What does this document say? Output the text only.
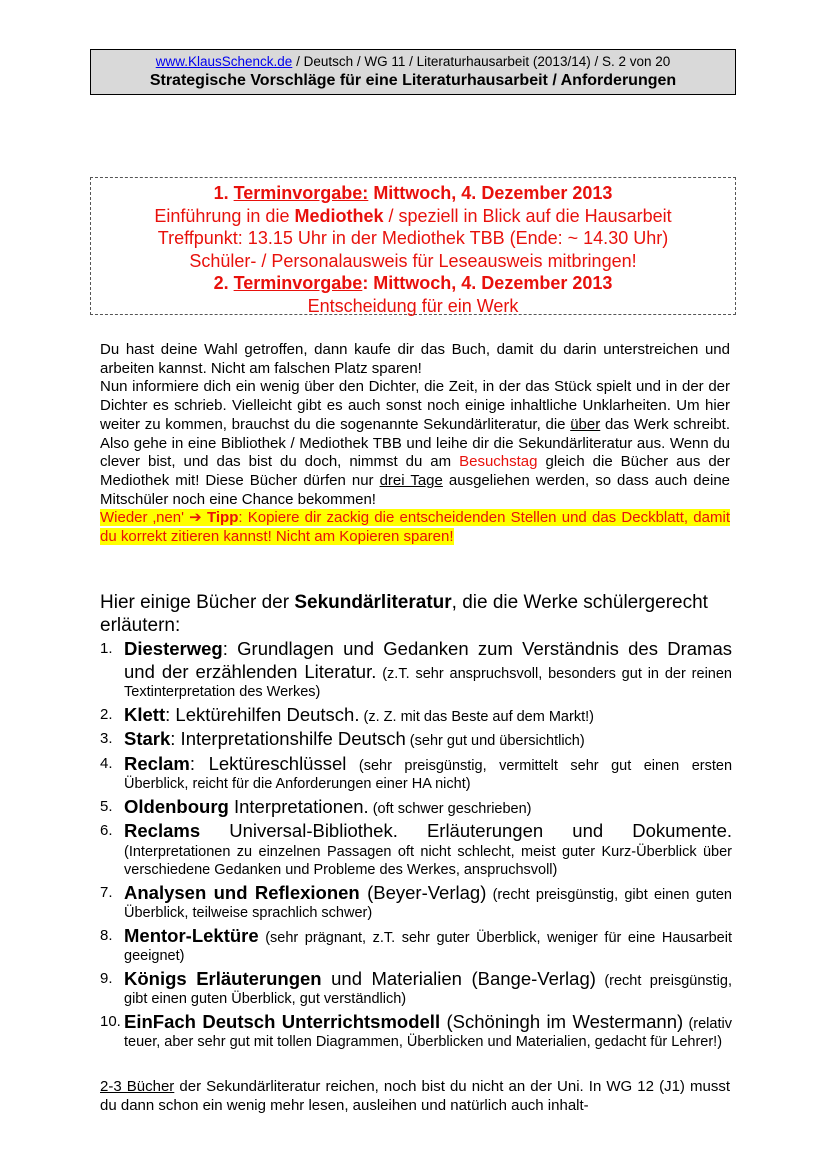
www.KlausSchenck.de / Deutsch / WG 11 / Literaturhausarbeit (2013/14) / S. 2 von 20
Strategische Vorschläge für eine Literaturhausarbeit / Anforderungen
1. Terminvorgabe: Mittwoch, 4. Dezember 2013
Einführung in die Mediothek / speziell in Blick auf die Hausarbeit
Treffpunkt: 13.15 Uhr in der Mediothek TBB (Ende: ~ 14.30 Uhr)
Schüler- / Personalausweis für Leseausweis mitbringen!
2. Terminvorgabe: Mittwoch, 4. Dezember 2013
Entscheidung für ein Werk
Du hast deine Wahl getroffen, dann kaufe dir das Buch, damit du darin unterstreichen und arbeiten kannst. Nicht am falschen Platz sparen!
Nun informiere dich ein wenig über den Dichter, die Zeit, in der das Stück spielt und in der der Dichter es schrieb. Vielleicht gibt es auch sonst noch einige inhaltliche Unklarheiten. Um hier weiter zu kommen, brauchst du die sogenannte Sekundärliteratur, die über das Werk schreibt. Also gehe in eine Bibliothek / Mediothek TBB und leihe dir die Sekundärliteratur aus. Wenn du clever bist, und das bist du doch, nimmst du am Besuchstag gleich die Bücher aus der Mediothek mit! Diese Bücher dürfen nur drei Tage ausgeliehen werden, so dass auch deine Mitschüler noch eine Chance bekommen!
Wieder ‚nen' ➔ Tipp: Kopiere dir zackig die entscheidenden Stellen und das Deckblatt, damit du korrekt zitieren kannst! Nicht am Kopieren sparen!
Hier einige Bücher der Sekundärliteratur, die die Werke schülergerecht erläutern:
1. Diesterweg: Grundlagen und Gedanken zum Verständnis des Dramas und der erzählenden Literatur. (z.T. sehr anspruchsvoll, besonders gut in der reinen Textinterpretation des Werkes)
2. Klett: Lektürehilfen Deutsch. (z. Z. mit das Beste auf dem Markt!)
3. Stark: Interpretationshilfe Deutsch (sehr gut und übersichtlich)
4. Reclam: Lektüreschlüssel (sehr preisgünstig, vermittelt sehr gut einen ersten Überblick, reicht für die Anforderungen einer HA nicht)
5. Oldenbourg Interpretationen. (oft schwer geschrieben)
6. Reclams Universal-Bibliothek. Erläuterungen und Dokumente. (Interpretationen zu einzelnen Passagen oft nicht schlecht, meist guter Kurz-Überblick über verschiedene Gedanken und Probleme des Werkes, anspruchsvoll)
7. Analysen und Reflexionen (Beyer-Verlag) (recht preisgünstig, gibt einen guten Überblick, teilweise sprachlich schwer)
8. Mentor-Lektüre (sehr prägnant, z.T. sehr guter Überblick, weniger für eine Hausarbeit geeignet)
9. Königs Erläuterungen und Materialien (Bange-Verlag) (recht preisgünstig, gibt einen guten Überblick, gut verständlich)
10. EinFach Deutsch Unterrichtsmodell (Schöningh im Westermann) (relativ teuer, aber sehr gut mit tollen Diagrammen, Überblicken und Materialien, gedacht für Lehrer!)
2-3 Bücher der Sekundärliteratur reichen, noch bist du nicht an der Uni. In WG 12 (J1) musst du dann schon ein wenig mehr lesen, ausleihen und natürlich auch inhalt-
